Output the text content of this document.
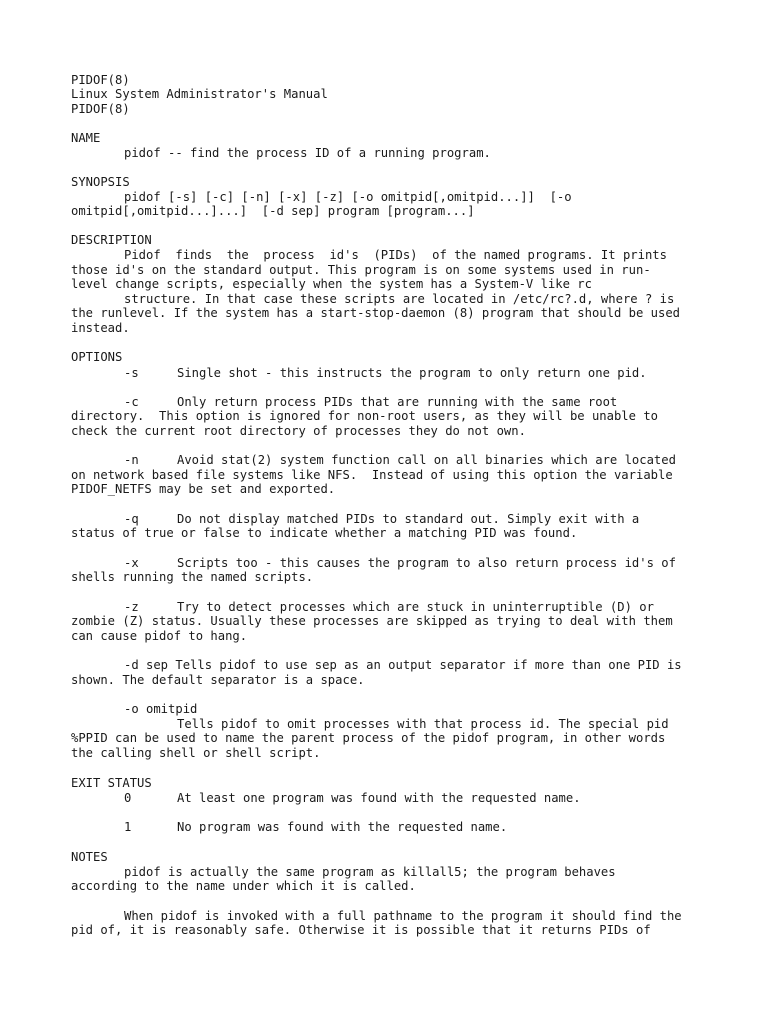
PIDOF(8)
Linux System Administrator's Manual
PIDOF(8)
NAME
pidof -- find the process ID of a running program.
SYNOPSIS
pidof [-s] [-c] [-n] [-x] [-z] [-o omitpid[,omitpid...]]  [-o
omitpid[,omitpid...]...]  [-d sep] program [program...]
DESCRIPTION
Pidof  finds  the  process  id's  (PIDs)  of the named programs. It prints
those id's on the standard output. This program is on some systems used in run-
level change scripts, especially when the system has a System-V like rc
structure. In that case these scripts are located in /etc/rc?.d, where ? is
the runlevel. If the system has a start-stop-daemon (8) program that should be used
instead.
OPTIONS
-s	Single shot - this instructs the program to only return one pid.
-c	Only return process PIDs that are running with the same root
directory.  This option is ignored for non-root users, as they will be unable to
check the current root directory of processes they do not own.
-n	Avoid stat(2) system function call on all binaries which are located
on network based file systems like NFS.  Instead of using this option the variable
PIDOF_NETFS may be set and exported.
-q	Do not display matched PIDs to standard out. Simply exit with a
status of true or false to indicate whether a matching PID was found.
-x	Scripts too - this causes the program to also return process id's of
shells running the named scripts.
-z	Try to detect processes which are stuck in uninterruptible (D) or
zombie (Z) status. Usually these processes are skipped as trying to deal with them
can cause pidof to hang.
-d sep Tells pidof to use sep as an output separator if more than one PID is
shown. The default separator is a space.
-o omitpid
Tells pidof to omit processes with that process id. The special pid
%PPID can be used to name the parent process of the pidof program, in other words
the calling shell or shell script.
EXIT STATUS
0	At least one program was found with the requested name.
1	No program was found with the requested name.
NOTES
pidof is actually the same program as killall5; the program behaves
according to the name under which it is called.
When pidof is invoked with a full pathname to the program it should find the
pid of, it is reasonably safe. Otherwise it is possible that it returns PIDs of
